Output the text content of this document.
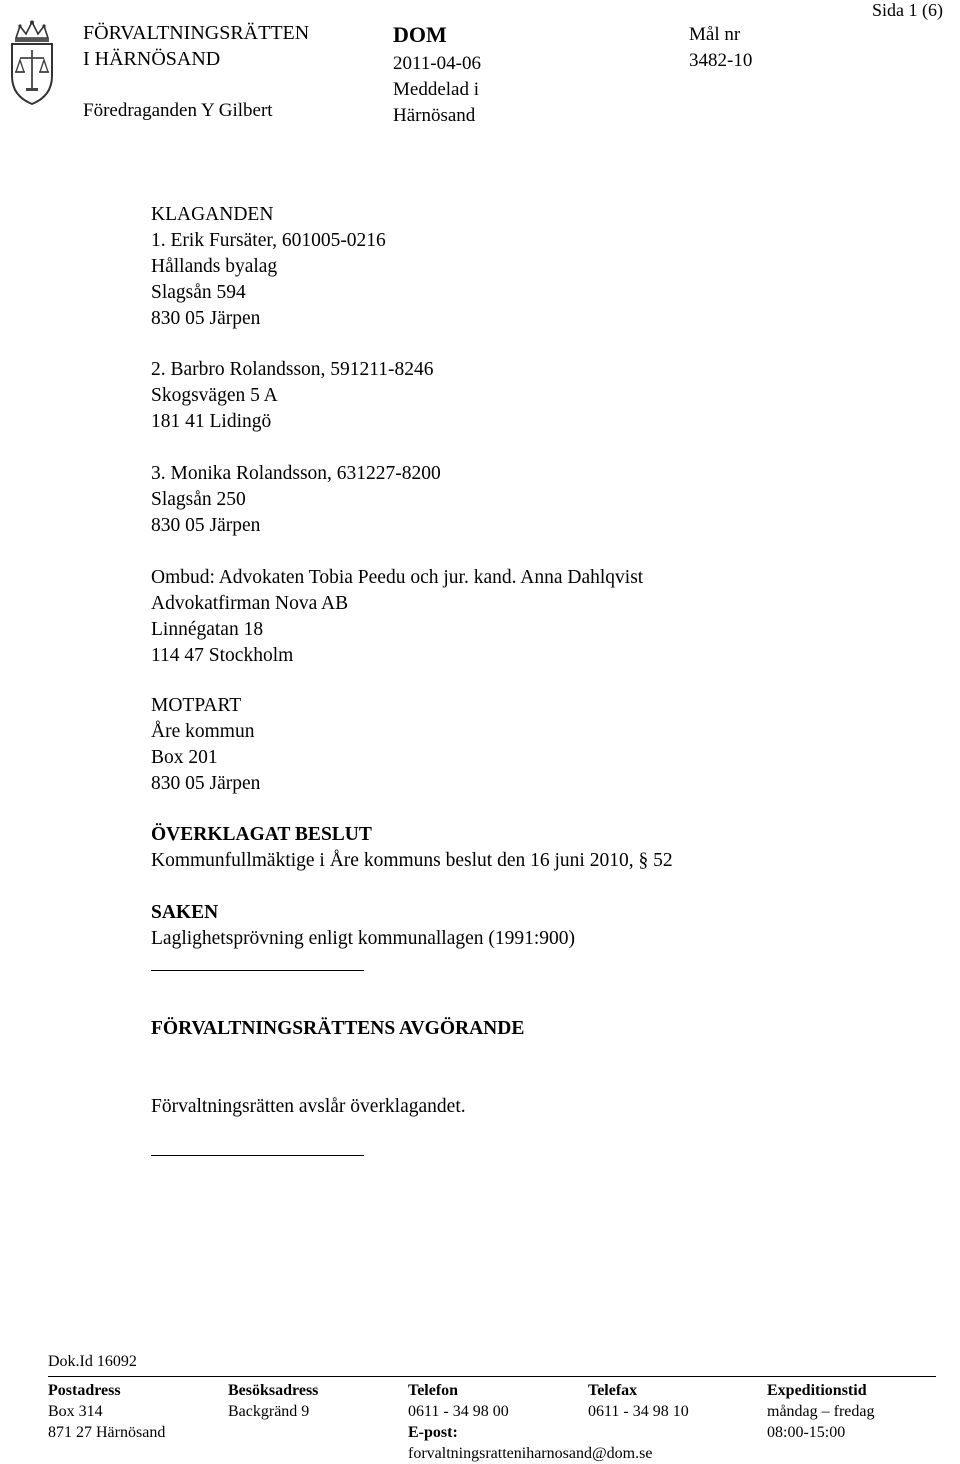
FÖRVALTNINGSRÄTTEN
I HÄRNÖSAND
Föredraganden Y Gilbert
DOM
2011-04-06
Meddelad i
Härnösand
Mål nr
3482-10
Sida 1 (6)
KLAGANDEN
1. Erik Fursäter, 601005-0216
Hållands byalag
Slagsån 594
830 05 Järpen
2. Barbro Rolandsson, 591211-8246
Skogsvägen 5 A
181 41 Lidingö
3. Monika Rolandsson, 631227-8200
Slagsån 250
830 05 Järpen
Ombud: Advokaten Tobia Peedu och jur. kand. Anna Dahlqvist
Advokatfirman Nova AB
Linnégatan 18
114 47 Stockholm
MOTPART
Åre kommun
Box 201
830 05 Järpen
ÖVERKLAGAT BESLUT
Kommunfullmäktige i Åre kommuns beslut den 16 juni 2010, § 52
SAKEN
Laglighetsprövning enligt kommunallagen (1991:900)
FÖRVALTNINGSRÄTTENS AVGÖRANDE
Förvaltningsrätten avslår överklagandet.
Dok.Id 16092
Postadress
Box 314
871 27 Härnösand
Besöksadress
Backgränd 9
Telefon
0611 - 34 98 00
E-post:
forvaltningsratteniharnosand@dom.se
Telefax
0611 - 34 98 10
Expeditionstid
måndag – fredag
08:00-15:00
